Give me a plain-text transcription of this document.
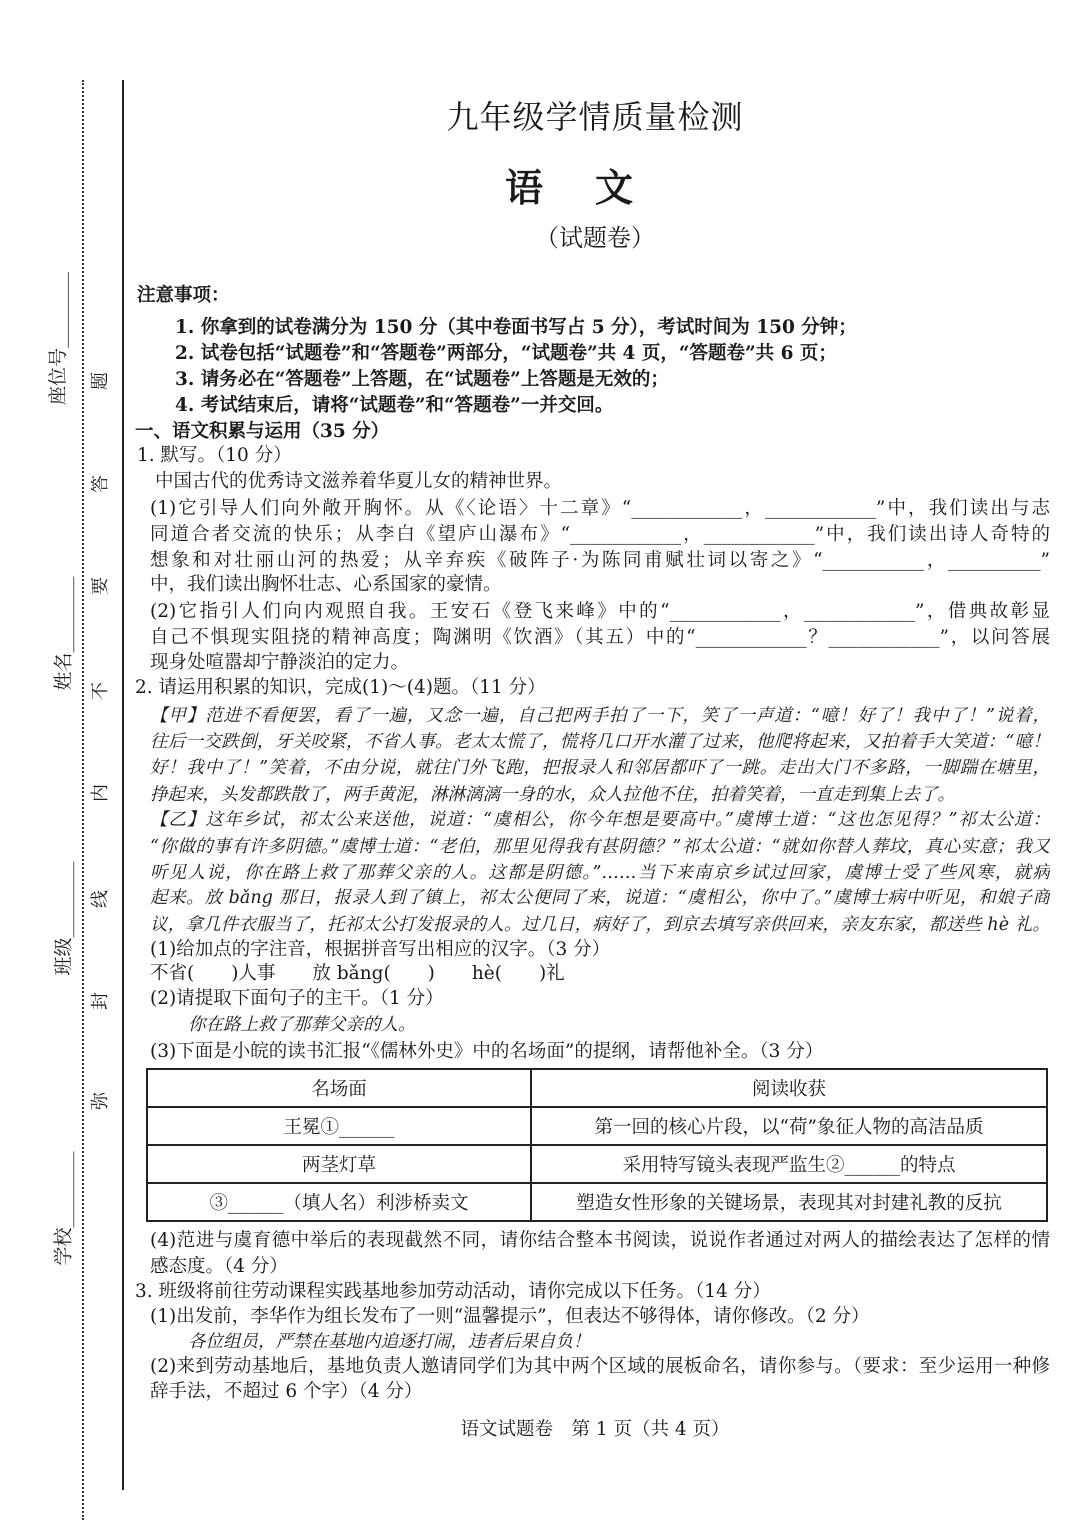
座位号________
姓名________
班级________
学校________
题
答
要
不
内
线
封
弥
九年级学情质量检测
语文
（试题卷）
注意事项：
1. 你拿到的试卷满分为 150 分（其中卷面书写占 5 分），考试时间为 150 分钟；
2. 试卷包括“试题卷”和“答题卷”两部分，“试题卷”共 4 页，“答题卷”共 6 页；
3. 请务必在“答题卷”上答题，在“试题卷”上答题是无效的；
4. 考试结束后，请将“试题卷”和“答题卷”一并交回。
一、语文积累与运用（35 分）
1. 默写。（10 分）
中国古代的优秀诗文滋养着华夏儿女的精神世界。
(1)它引导人们向外敞开胸怀。从《〈论语〉十二章》“____________，____________”中，我们读出与志
同道合者交流的快乐；从李白《望庐山瀑布》“____________，____________”中，我们读出诗人奇特的
想象和对壮丽山河的热爱；从辛弃疾《破阵子·为陈同甫赋壮词以寄之》“___________，__________”
中，我们读出胸怀壮志、心系国家的豪情。
(2)它指引人们向内观照自我。王安石《登飞来峰》中的“____________，____________”，借典故彰显
自己不惧现实阻挠的精神高度；陶渊明《饮酒》（其五）中的“____________？____________”，以问答展
现身处喧嚣却宁静淡泊的定力。
2. 请运用积累的知识，完成(1)～(4)题。（11 分）
【甲】范进不看便罢，看了一遍，又念一遍，自己把两手拍了一下，笑了一声道：“噫！好了！我中了！”说着，
往后一交跌倒，牙关咬紧，不省人事。老太太慌了，慌将几口开水灌了过来，他爬将起来，又拍着手大笑道：“噫！
好！我中了！”笑着，不由分说，就往门外飞跑，把报录人和邻居都吓了一跳。走出大门不多路，一脚踹在塘里，
挣起来，头发都跌散了，两手黄泥，淋淋漓漓一身的水，众人拉他不住，拍着笑着，一直走到集上去了。
【乙】这年乡试，祁太公来送他，说道：“虞相公，你今年想是要高中。”虞博士道：“这也怎见得？”祁太公道：
“你做的事有许多阴德。”虞博士道：“老伯，那里见得我有甚阴德？”祁太公道：“就如你替人葬坟，真心实意；我又
听见人说，你在路上救了那葬父亲的人。这都是阴德。”……当下来南京乡试过回家，虞博士受了些风寒，就病
起来。放 bǎng 那日，报录人到了镇上，祁太公便同了来，说道：“虞相公，你中了。”虞博士病中听见，和娘子商
议，拿几件衣服当了，托祁太公打发报录的人。过几日，病好了，到京去填写亲供回来，亲友东家，都送些 hè 礼。
(1)给加点的字注音，根据拼音写出相应的汉字。（3 分）
不省(　　)人事　　放 bǎng(　　)　　hè(　　)礼
(2)请提取下面句子的主干。（1 分）
你在路上救了那葬父亲的人。
(3)下面是小皖的读书汇报“《儒林外史》中的名场面”的提纲，请帮他补全。（3 分）
(4)范进与虞育德中举后的表现截然不同，请你结合整本书阅读，说说作者通过对两人的描绘表达了怎样的情
感态度。（4 分）
3. 班级将前往劳动课程实践基地参加劳动活动，请你完成以下任务。（14 分）
(1)出发前，李华作为组长发布了一则“温馨提示”，但表达不够得体，请你修改。（2 分）
各位组员，严禁在基地内追逐打闹，违者后果自负！
(2)来到劳动基地后，基地负责人邀请同学们为其中两个区域的展板命名，请你参与。（要求：至少运用一种修
辞手法，不超过 6 个字）（4 分）
名场面	阅读收获
王冕①______	第一回的核心片段，以“荷”象征人物的高洁品质
两茎灯草	采用特写镜头表现严监生②______的特点
③______（填人名）利涉桥卖文	塑造女性形象的关键场景，表现其对封建礼教的反抗
语文试题卷　第 1 页（共 4 页）
